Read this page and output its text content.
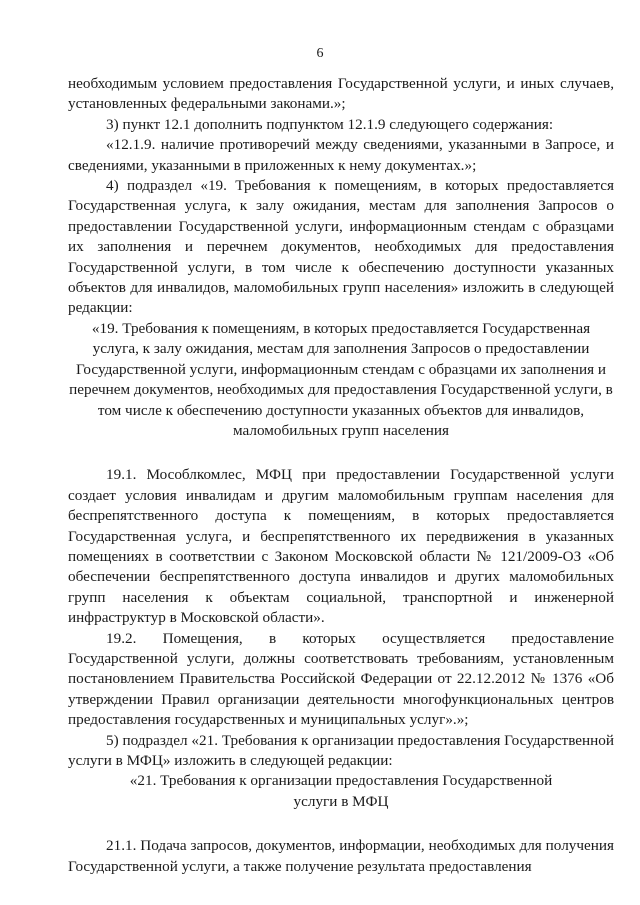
6

необходимым условием предоставления Государственной услуги, и иных случаев, установленных федеральными законами.»;

3) пункт 12.1 дополнить подпунктом 12.1.9 следующего содержания:

«12.1.9. наличие противоречий между сведениями, указанными в Запросе, и сведениями, указанными в приложенных к нему документах.»;

4) подраздел «19. Требования к помещениям, в которых предоставляется Государственная услуга, к залу ожидания, местам для заполнения Запросов о предоставлении Государственной услуги, информационным стендам с образцами их заполнения и перечнем документов, необходимых для предоставления Государственной услуги, в том числе к обеспечению доступности указанных объектов для инвалидов, маломобильных групп населения» изложить в следующей редакции:

«19. Требования к помещениям, в которых предоставляется Государственная услуга, к залу ожидания, местам для заполнения Запросов о предоставлении Государственной услуги, информационным стендам с образцами их заполнения и перечнем документов, необходимых для предоставления Государственной услуги, в том числе к обеспечению доступности указанных объектов для инвалидов, маломобильных групп населения

19.1. Мособлкомлес, МФЦ при предоставлении Государственной услуги создает условия инвалидам и другим маломобильным группам населения для беспрепятственного доступа к помещениям, в которых предоставляется Государственная услуга, и беспрепятственного их передвижения в указанных помещениях в соответствии с Законом Московской области № 121/2009-ОЗ «Об обеспечении беспрепятственного доступа инвалидов и других маломобильных групп населения к объектам социальной, транспортной и инженерной инфраструктур в Московской области».

19.2. Помещения, в которых осуществляется предоставление Государственной услуги, должны соответствовать требованиям, установленным постановлением Правительства Российской Федерации от 22.12.2012 № 1376 «Об утверждении Правил организации деятельности многофункциональных центров предоставления государственных и муниципальных услуг».»;

5) подраздел «21. Требования к организации предоставления Государственной услуги в МФЦ» изложить в следующей редакции:

«21. Требования к организации предоставления Государственной

услуги в МФЦ

21.1. Подача запросов, документов, информации, необходимых для получения Государственной услуги, а также получение результата предоставления
